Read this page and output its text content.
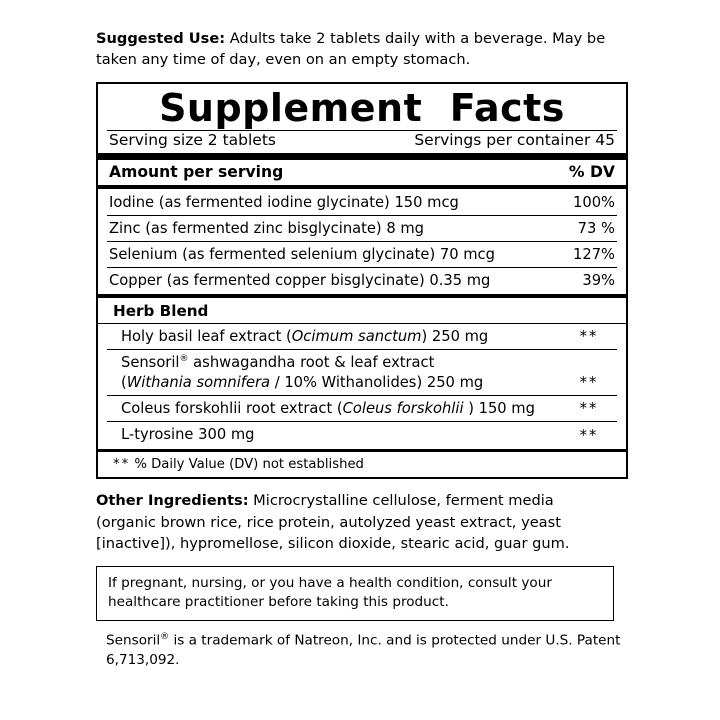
Suggested Use: Adults take 2 tablets daily with a beverage. May be taken any time of day, even on an empty stomach.

Supplement  Facts
Serving size 2 tablets	Servings per container 45
Amount per serving	% DV
Iodine (as fermented iodine glycinate) 150 mcg	100%
Zinc (as fermented zinc bisglycinate) 8 mg	73 %
Selenium (as fermented selenium glycinate) 70 mcg	127%
Copper (as fermented copper bisglycinate) 0.35 mg	39%
Herb Blend
Holy basil leaf extract (Ocimum sanctum) 250 mg	**
Sensoril® ashwagandha root & leaf extract
(Withania somnifera / 10% Withanolides) 250 mg	**
Coleus forskohlii root extract (Coleus forskohlii ) 150 mg	**
L-tyrosine 300 mg	**
** % Daily Value (DV) not established

Other Ingredients: Microcrystalline cellulose, ferment media (organic brown rice, rice protein, autolyzed yeast extract, yeast [inactive]), hypromellose, silicon dioxide, stearic acid, guar gum.

If pregnant, nursing, or you have a health condition, consult your healthcare practitioner before taking this product.
Sensoril® is a trademark of Natreon, Inc. and is protected under U.S. Patent 6,713,092.
